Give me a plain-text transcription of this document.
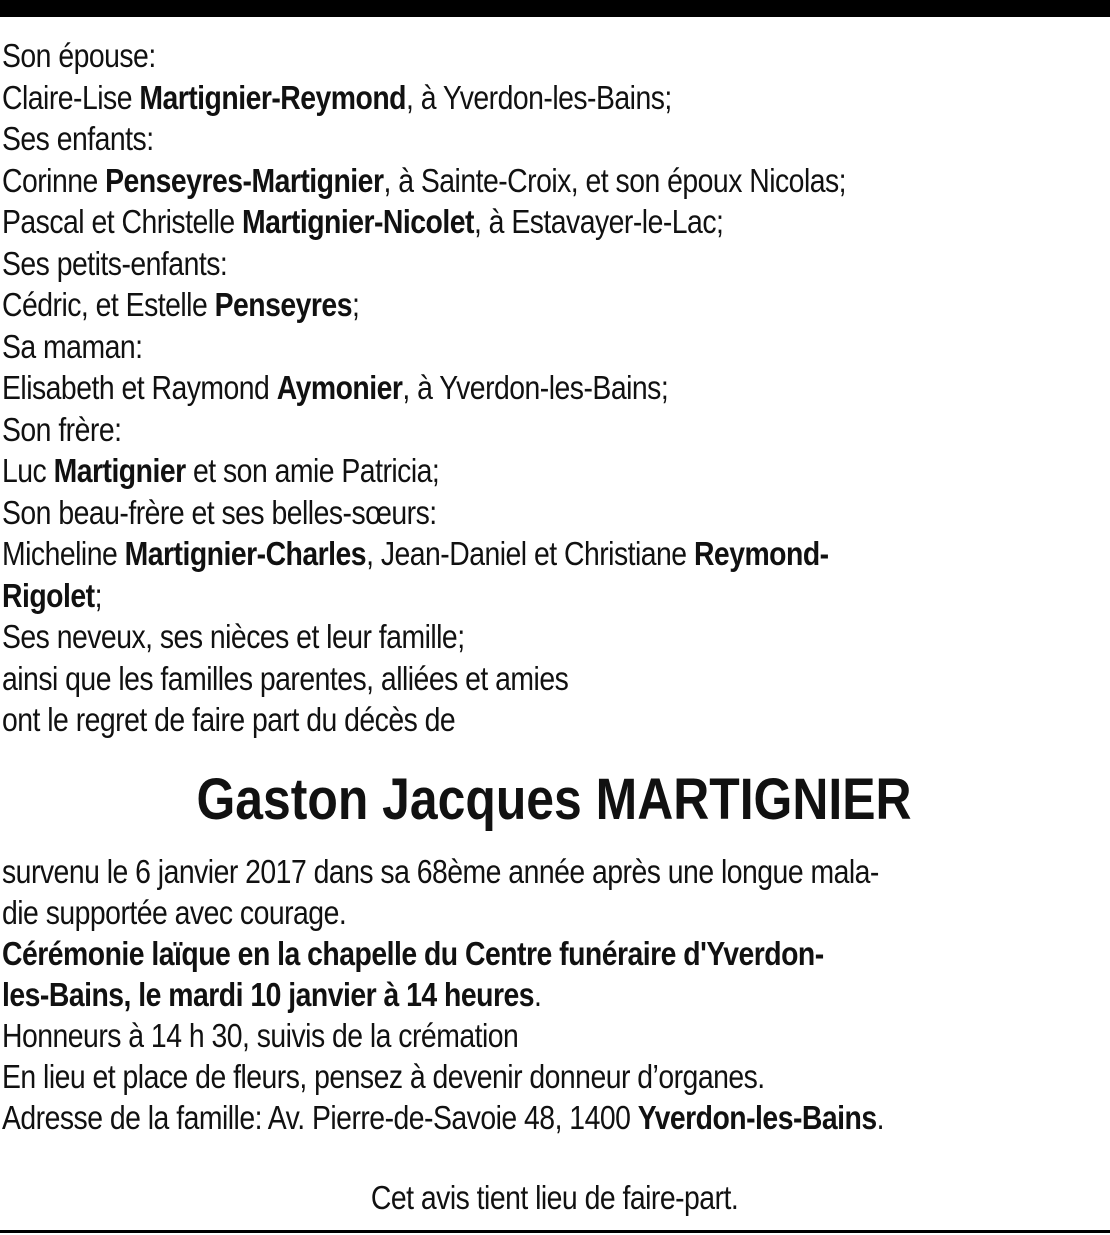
Son épouse:
Claire-Lise Martignier-Reymond, à Yverdon-les-Bains;
Ses enfants:
Corinne Penseyres-Martignier, à Sainte-Croix, et son époux Nicolas;
Pascal et Christelle Martignier-Nicolet, à Estavayer-le-Lac;
Ses petits-enfants:
Cédric, et Estelle Penseyres;
Sa maman:
Elisabeth et Raymond Aymonier, à Yverdon-les-Bains;
Son frère:
Luc Martignier et son amie Patricia;
Son beau-frère et ses belles-sœurs:
Micheline Martignier-Charles, Jean-Daniel et Christiane Reymond-
Rigolet;
Ses neveux, ses nièces et leur famille;
ainsi que les familles parentes, alliées et amies
ont le regret de faire part du décès de
Gaston Jacques MARTIGNIER
survenu le 6 janvier 2017 dans sa 68ème année après une longue mala-
die supportée avec courage.
Cérémonie laïque en la chapelle du Centre funéraire d'Yverdon-
les-Bains, le mardi 10 janvier à 14 heures.
Honneurs à 14 h 30, suivis de la crémation
En lieu et place de fleurs, pensez à devenir donneur d’organes.
Adresse de la famille: Av. Pierre-de-Savoie 48, 1400 Yverdon-les-Bains.
Cet avis tient lieu de faire-part.
